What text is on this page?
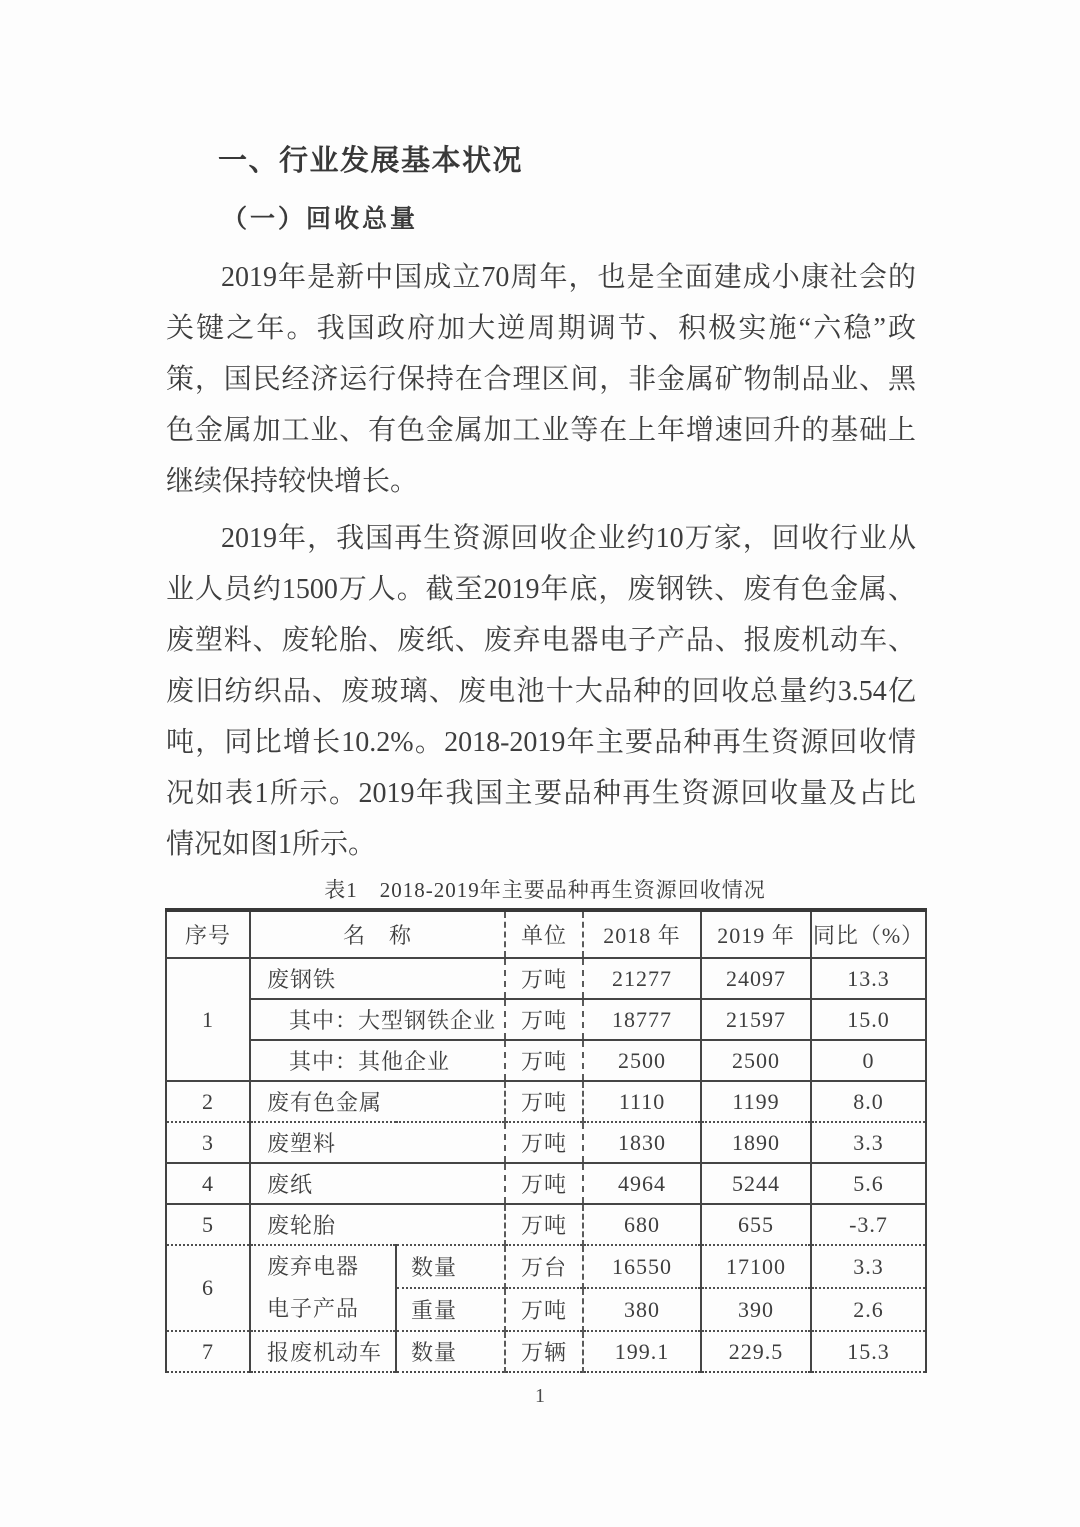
一、行业发展基本状况
（一）回收总量
2019年是新中国成立70周年，也是全面建成小康社会的
关键之年。我国政府加大逆周期调节、积极实施“六稳”政
策，国民经济运行保持在合理区间，非金属矿物制品业、黑
色金属加工业、有色金属加工业等在上年增速回升的基础上
继续保持较快增长。
2019年，我国再生资源回收企业约10万家，回收行业从
业人员约1500万人。截至2019年底，废钢铁、废有色金属、
废塑料、废轮胎、废纸、废弃电器电子产品、报废机动车、
废旧纺织品、废玻璃、废电池十大品种的回收总量约3.54亿
吨，同比增长10.2%。2018-2019年主要品种再生资源回收情
况如表1所示。2019年我国主要品种再生资源回收量及占比
情况如图1所示。
表1　2018-2019年主要品种再生资源回收情况
序号	名　称		单位	2018 年	2019 年	同比（%）
1	废钢铁		万吨	21277	24097	13.3
	其中：大型钢铁企业		万吨	18777	21597	15.0
	其中：其他企业		万吨	2500	2500	0
2	废有色金属		万吨	1110	1199	8.0
3	废塑料		万吨	1830	1890	3.3
4	废纸		万吨	4964	5244	5.6
5	废轮胎		万吨	680	655	-3.7
6	废弃电器
电子产品	数量	万台	16550	17100	3.3
		重量	万吨	380	390	2.6
7	报废机动车	数量	万辆	199.1	229.5	15.3
1
